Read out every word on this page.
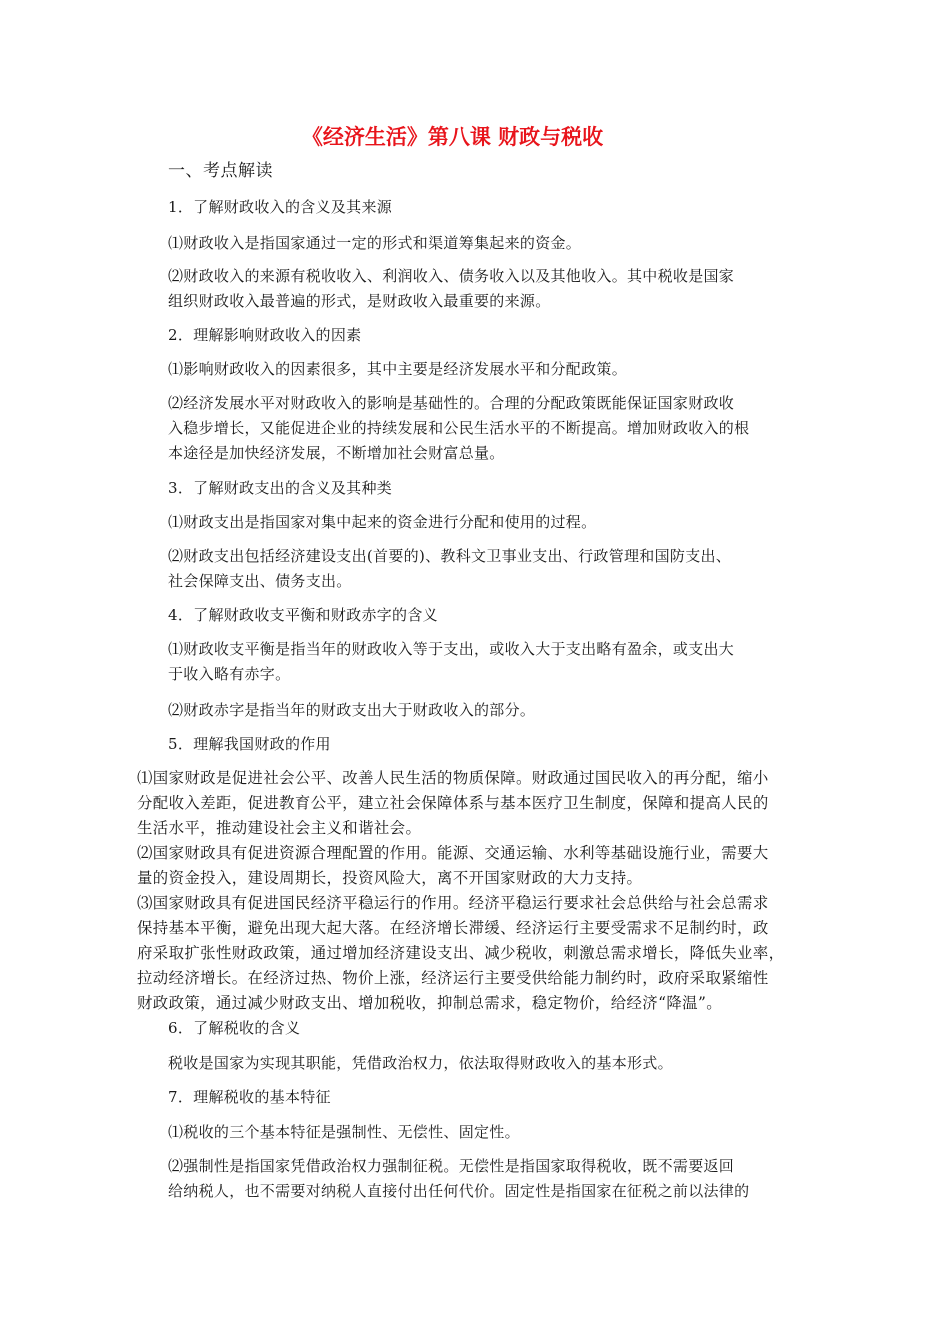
《经济生活》第八课 财政与税收
一、考点解读
1．了解财政收入的含义及其来源
⑴财政收入是指国家通过一定的形式和渠道筹集起来的资金。
⑵财政收入的来源有税收收入、利润收入、债务收入以及其他收入。其中税收是国家
组织财政收入最普遍的形式，是财政收入最重要的来源。
2．理解影响财政收入的因素
⑴影响财政收入的因素很多，其中主要是经济发展水平和分配政策。
⑵经济发展水平对财政收入的影响是基础性的。合理的分配政策既能保证国家财政收
入稳步增长，又能促进企业的持续发展和公民生活水平的不断提高。增加财政收入的根
本途径是加快经济发展，不断增加社会财富总量。
3．了解财政支出的含义及其种类
⑴财政支出是指国家对集中起来的资金进行分配和使用的过程。
⑵财政支出包括经济建设支出(首要的)、教科文卫事业支出、行政管理和国防支出、
社会保障支出、债务支出。
4．了解财政收支平衡和财政赤字的含义
⑴财政收支平衡是指当年的财政收入等于支出，或收入大于支出略有盈余，或支出大
于收入略有赤字。
⑵财政赤字是指当年的财政支出大于财政收入的部分。
5．理解我国财政的作用
⑴国家财政是促进社会公平、改善人民生活的物质保障。财政通过国民收入的再分配，缩小
分配收入差距，促进教育公平，建立社会保障体系与基本医疗卫生制度，保障和提高人民的
生活水平，推动建设社会主义和谐社会。
⑵国家财政具有促进资源合理配置的作用。能源、交通运输、水利等基础设施行业，需要大
量的资金投入，建设周期长，投资风险大，离不开国家财政的大力支持。
⑶国家财政具有促进国民经济平稳运行的作用。经济平稳运行要求社会总供给与社会总需求
保持基本平衡，避免出现大起大落。在经济增长滞缓、经济运行主要受需求不足制约时，政
府采取扩张性财政政策，通过增加经济建设支出、减少税收，刺激总需求增长，降低失业率，
拉动经济增长。在经济过热、物价上涨，经济运行主要受供给能力制约时，政府采取紧缩性
财政政策，通过减少财政支出、增加税收，抑制总需求，稳定物价，给经济“降温”。
6．了解税收的含义
税收是国家为实现其职能，凭借政治权力，依法取得财政收入的基本形式。
7．理解税收的基本特征
⑴税收的三个基本特征是强制性、无偿性、固定性。
⑵强制性是指国家凭借政治权力强制征税。无偿性是指国家取得税收，既不需要返回
给纳税人，也不需要对纳税人直接付出任何代价。固定性是指国家在征税之前以法律的
